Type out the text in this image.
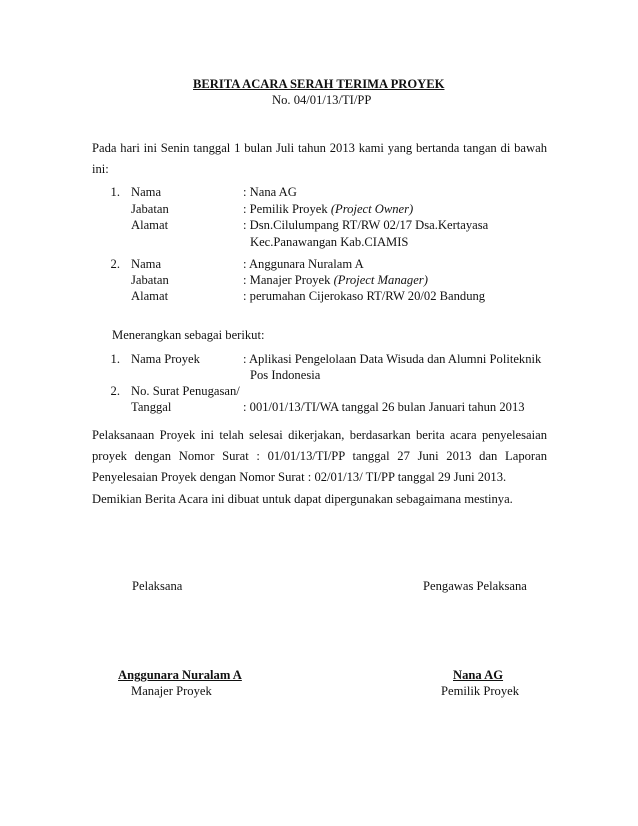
BERITA ACARA SERAH TERIMA PROYEK
No. 04/01/13/TI/PP
Pada hari ini Senin tanggal 1 bulan Juli tahun 2013 kami yang bertanda tangan di bawah ini:
1. Nama	: Nana AG
Jabatan	: Pemilik Proyek (Project Owner)
Alamat	: Dsn.Cilulumpang RT/RW 02/17 Dsa.Kertayasa
Kec.Panawangan Kab.CIAMIS
2. Nama	: Anggunara Nuralam A
Jabatan	: Manajer Proyek (Project Manager)
Alamat	: perumahan Cijerokaso RT/RW 20/02 Bandung
Menerangkan sebagai berikut:
1. Nama Proyek	: Aplikasi Pengelolaan Data Wisuda dan Alumni Politeknik
Pos Indonesia
2. No. Surat Penugasan/
Tanggal	: 001/01/13/TI/WA tanggal 26 bulan Januari tahun 2013
Pelaksanaan Proyek ini telah selesai dikerjakan, berdasarkan berita acara penyelesaian proyek dengan Nomor Surat : 01/01/13/TI/PP tanggal 27 Juni 2013 dan Laporan Penyelesaian Proyek dengan Nomor Surat : 02/01/13/ TI/PP tanggal 29 Juni 2013.
Demikian Berita Acara ini dibuat untuk dapat dipergunakan sebagaimana mestinya.
Pelaksana	Pengawas Pelaksana
Anggunara Nuralam A
Manajer Proyek
Nana AG
Pemilik Proyek
